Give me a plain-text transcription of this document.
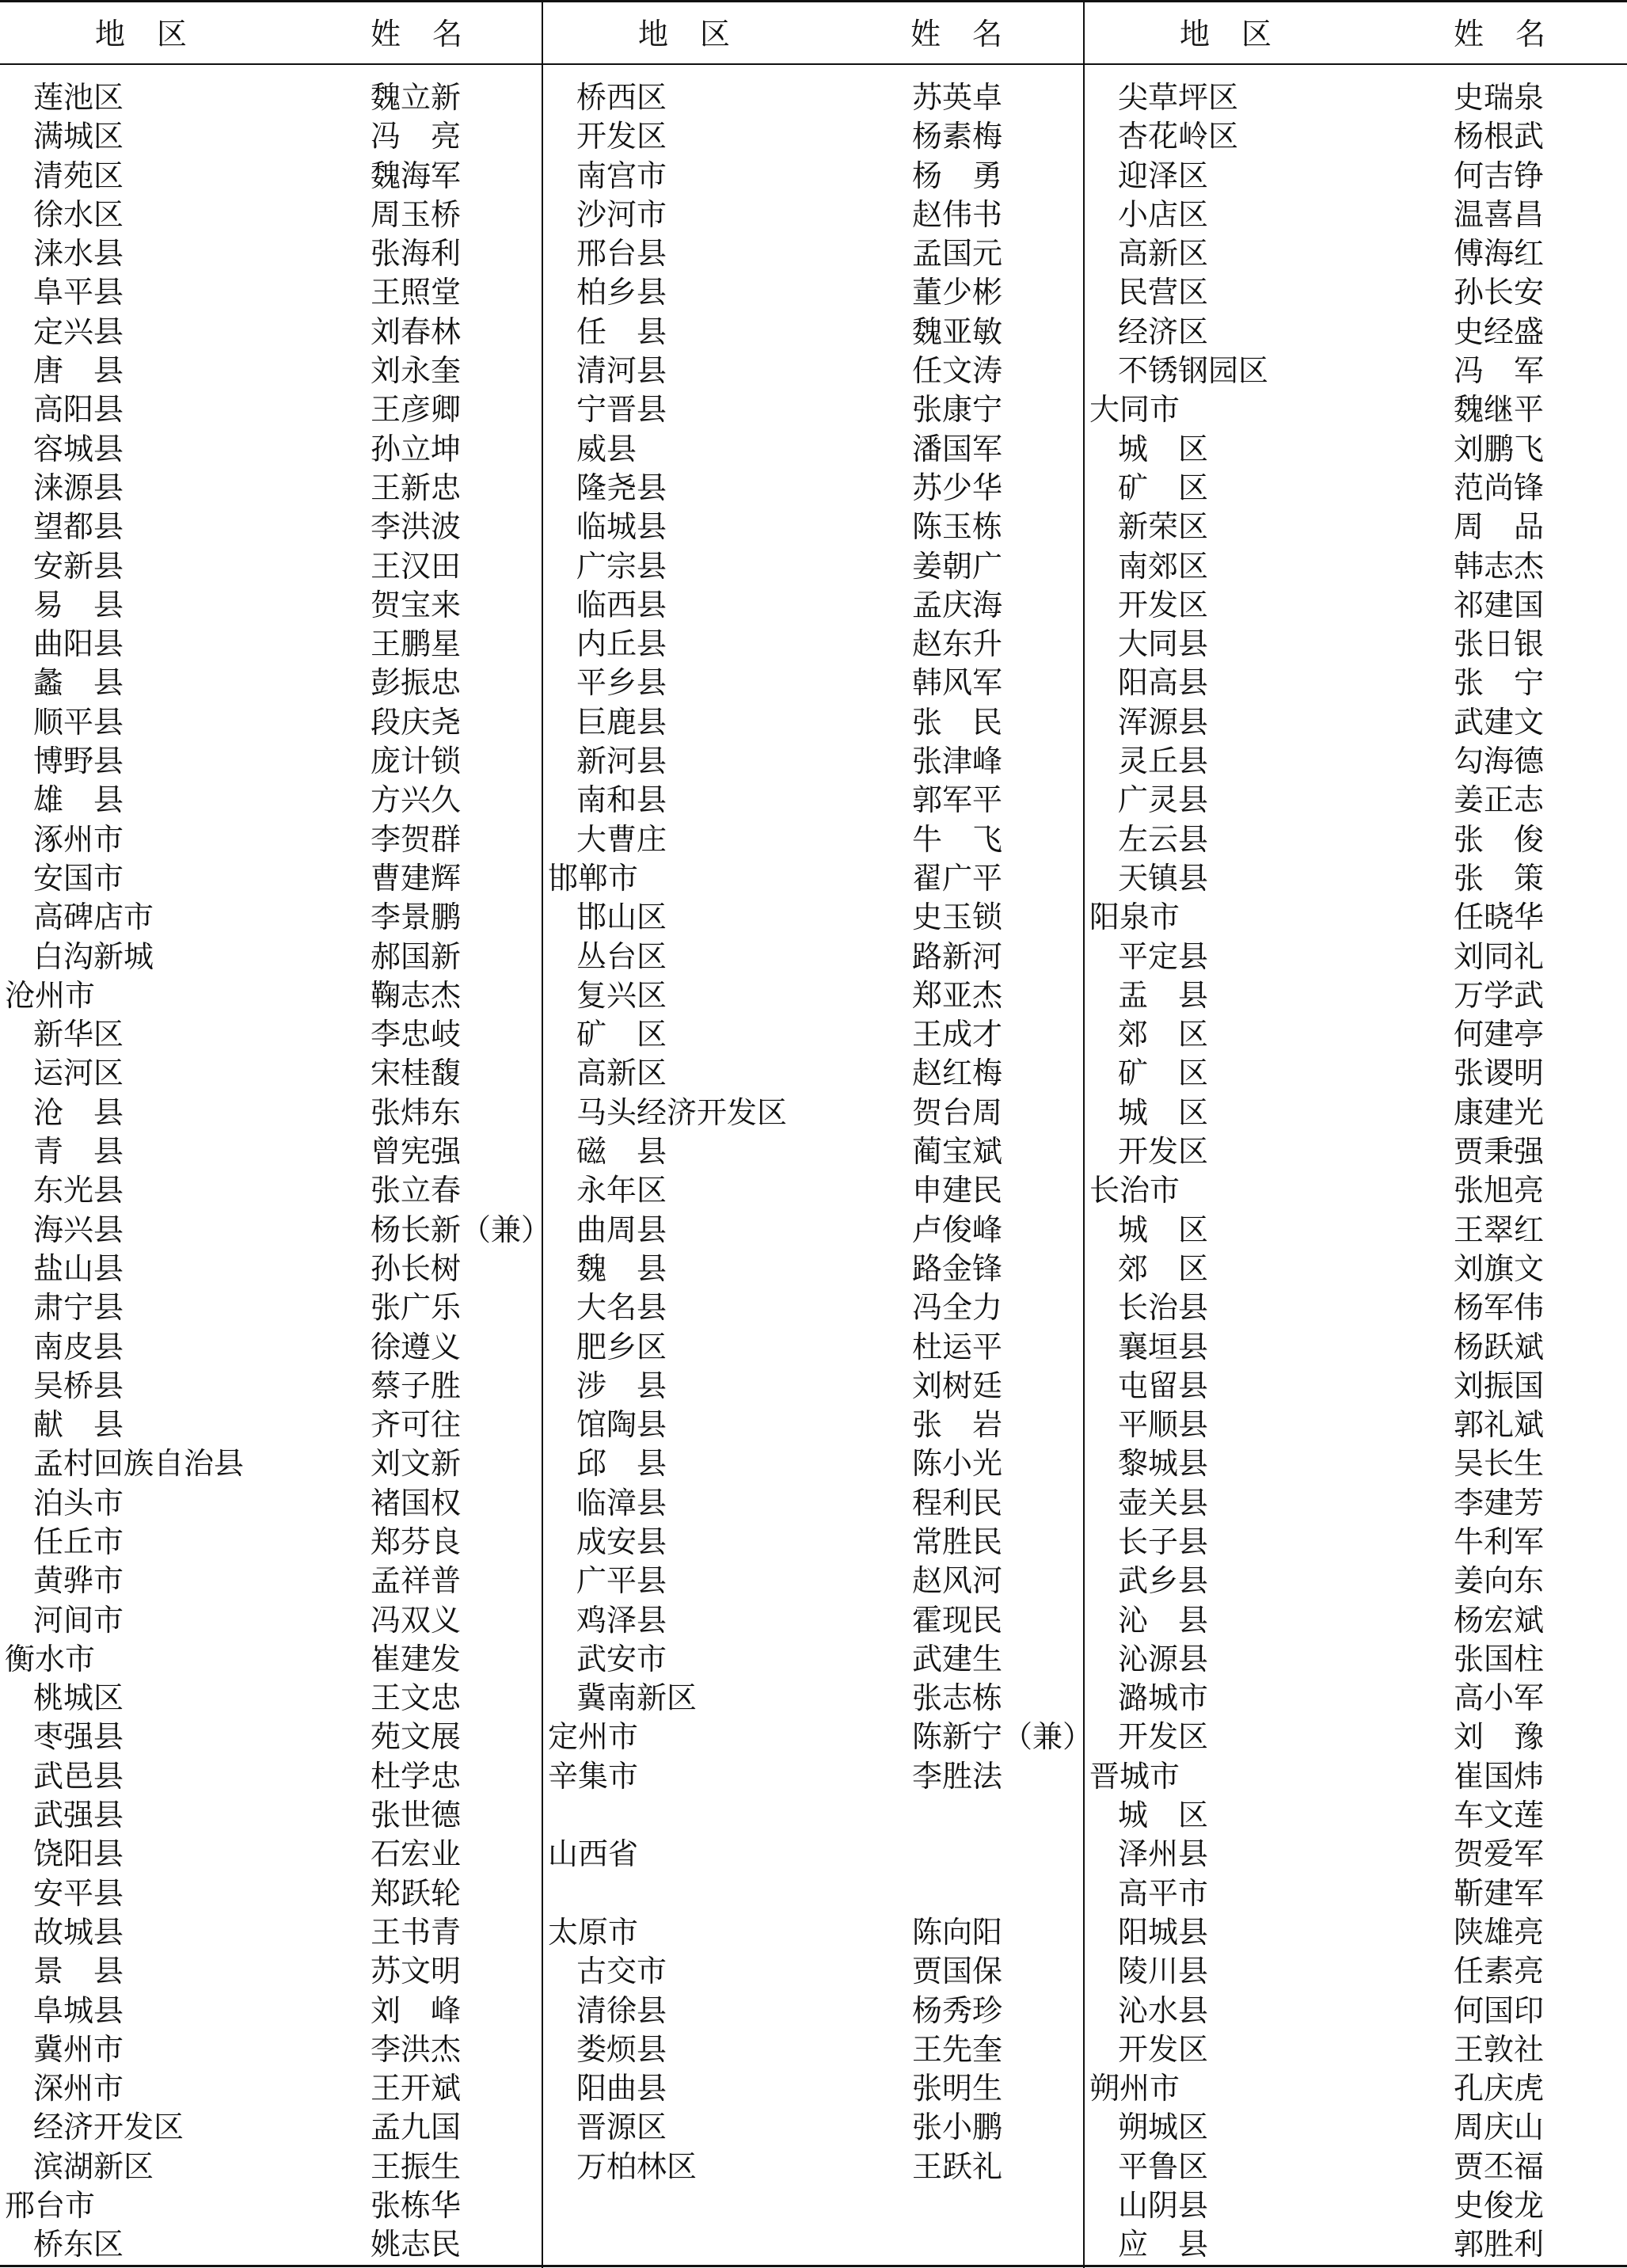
地区	姓名
莲池区	魏立新
满城区	冯　亮
清苑区	魏海军
徐水区	周玉桥
涞水县	张海利
阜平县	王照堂
定兴县	刘春林
唐　县	刘永奎
高阳县	王彦卿
容城县	孙立坤
涞源县	王新忠
望都县	李洪波
安新县	王汉田
易　县	贺宝来
曲阳县	王鹏星
蠡　县	彭振忠
顺平县	段庆尧
博野县	庞计锁
雄　县	方兴久
涿州市	李贺群
安国市	曹建辉
高碑店市	李景鹏
白沟新城	郝国新
沧州市	鞠志杰
新华区	李忠岐
运河区	宋桂馥
沧　县	张炜东
青　县	曾宪强
东光县	张立春
海兴县	杨长新（兼）
盐山县	孙长树
肃宁县	张广乐
南皮县	徐遵义
吴桥县	蔡子胜
献　县	齐可往
孟村回族自治县	刘文新
泊头市	褚国权
任丘市	郑芬良
黄骅市	孟祥普
河间市	冯双义
衡水市	崔建发
桃城区	王文忠
枣强县	苑文展
武邑县	杜学忠
武强县	张世德
饶阳县	石宏业
安平县	郑跃轮
故城县	王书青
景　县	苏文明
阜城县	刘　峰
冀州市	李洪杰
深州市	王开斌
经济开发区	孟九国
滨湖新区	王振生
邢台市	张栋华
桥东区	姚志民
地区	姓名
桥西区	苏英卓
开发区	杨素梅
南宫市	杨　勇
沙河市	赵伟书
邢台县	孟国元
柏乡县	董少彬
任　县	魏亚敏
清河县	任文涛
宁晋县	张康宁
威县	潘国军
隆尧县	苏少华
临城县	陈玉栋
广宗县	姜朝广
临西县	孟庆海
内丘县	赵东升
平乡县	韩风军
巨鹿县	张　民
新河县	张津峰
南和县	郭军平
大曹庄	牛　飞
邯郸市	翟广平
邯山区	史玉锁
丛台区	路新河
复兴区	郑亚杰
矿　区	王成才
高新区	赵红梅
马头经济开发区	贺台周
磁　县	蔺宝斌
永年区	申建民
曲周县	卢俊峰
魏　县	路金锋
大名县	冯全力
肥乡区	杜运平
涉　县	刘树廷
馆陶县	张　岩
邱　县	陈小光
临漳县	程利民
成安县	常胜民
广平县	赵风河
鸡泽县	霍现民
武安市	武建生
冀南新区	张志栋
定州市	陈新宁（兼）
辛集市	李胜法
山西省
太原市	陈向阳
古交市	贾国保
清徐县	杨秀珍
娄烦县	王先奎
阳曲县	张明生
晋源区	张小鹏
万柏林区	王跃礼
地区	姓名
尖草坪区	史瑞泉
杏花岭区	杨根武
迎泽区	何吉铮
小店区	温喜昌
高新区	傅海红
民营区	孙长安
经济区	史经盛
不锈钢园区	冯　军
大同市	魏继平
城　区	刘鹏飞
矿　区	范尚锋
新荣区	周　品
南郊区	韩志杰
开发区	祁建国
大同县	张日银
阳高县	张　宁
浑源县	武建文
灵丘县	勾海德
广灵县	姜正志
左云县	张　俊
天镇县	张　策
阳泉市	任晓华
平定县	刘同礼
盂　县	万学武
郊　区	何建亭
矿　区	张谡明
城　区	康建光
开发区	贾秉强
长治市	张旭亮
城　区	王翠红
郊　区	刘旗文
长治县	杨军伟
襄垣县	杨跃斌
屯留县	刘振国
平顺县	郭礼斌
黎城县	吴长生
壶关县	李建芳
长子县	牛利军
武乡县	姜向东
沁　县	杨宏斌
沁源县	张国柱
潞城市	高小军
开发区	刘　豫
晋城市	崔国炜
城　区	车文莲
泽州县	贺爱军
高平市	靳建军
阳城县	陕雄亮
陵川县	任素亮
沁水县	何国印
开发区	王敦社
朔州市	孔庆虎
朔城区	周庆山
平鲁区	贾丕福
山阴县	史俊龙
应　县	郭胜利
